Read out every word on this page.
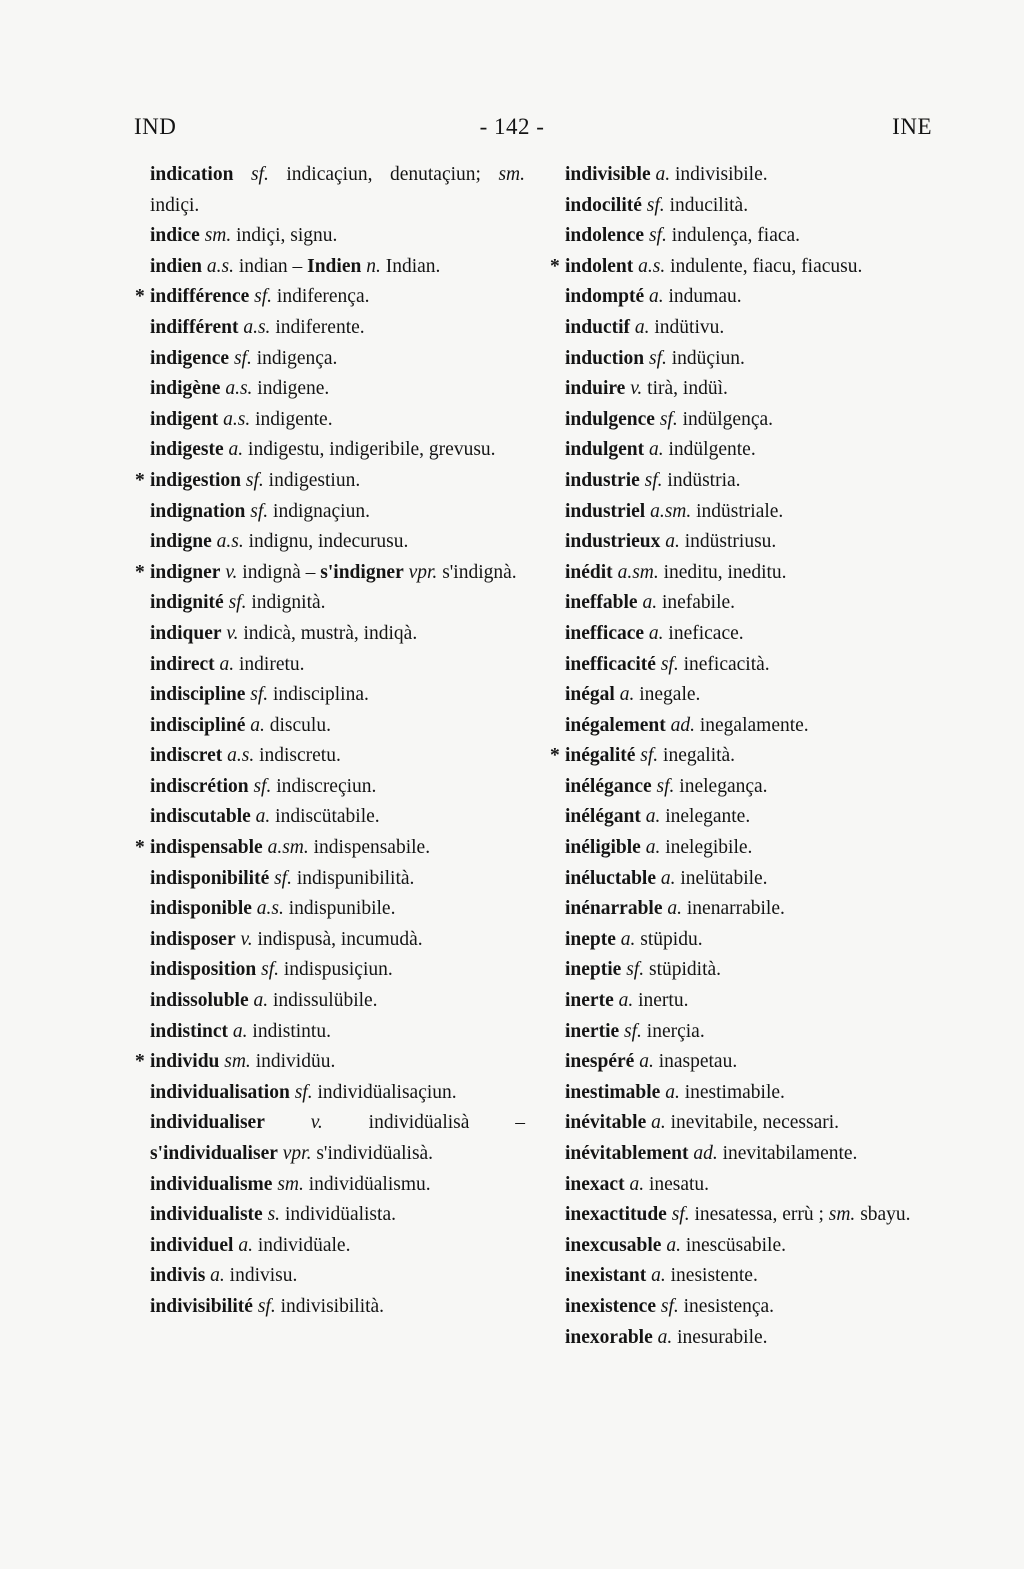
- 142 -
IND	INE
indication sf. indicaçiun, denutaçiun; sm. indiçi.
indice sm. indiçi, signu.
indien a.s. indian – Indien n. Indian.
* indifférence sf. indiferença.
indifférent a.s. indiferente.
indigence sf. indigença.
indigène a.s. indigene.
indigent a.s. indigente.
indigeste a. indigestu, indigeribile, grevusu.
* indigestion sf. indigestiun.
indignation sf. indignaçiun.
indigne a.s. indignu, indecurusu.
* indigner v. indignà – s'indigner vpr. s'indignà.
indignité sf. indignità.
indiquer v. indicà, mustrà, indiqà.
indirect a. indiretu.
indiscipline sf. indisciplina.
indiscipliné a. disculu.
indiscret a.s. indiscretu.
indiscrétion sf. indiscreçiun.
indiscutable a. indiscütabile.
* indispensable a.sm. indispensabile.
indisponibilité sf. indispunibilità.
indisponible a.s. indispunibile.
indisposer v. indispusà, incumudà.
indisposition sf. indispusiçiun.
indissoluble a. indissulübile.
indistinct a. indistintu.
* individu sm. individüu.
individualisation sf. individüalisaçiun.
individualiser v. individüalisà – s'individualiser vpr. s'individüalisà.
individualisme sm. individüalismu.
individualiste s. individüalista.
individuel a. individüale.
indivis a. indivisu.
indivisibilité sf. indivisibilità.
indivisible a. indivisibile.
indocilité sf. inducilità.
indolence sf. indulença, fiaca.
* indolent a.s. indulente, fiacu, fiacusu.
indompté a. indumau.
inductif a. indütivu.
induction sf. indüçiun.
induire v. tirà, indüì.
indulgence sf. indülgença.
indulgent a. indülgente.
industrie sf. indüstria.
industriel a.sm. indüstriale.
industrieux a. indüstriusu.
inédit a.sm. ineditu, ineditu.
ineffable a. inefabile.
inefficace a. ineficace.
inefficacité sf. ineficacità.
inégal a. inegale.
inégalement ad. inegalamente.
* inégalité sf. inegalità.
inélégance sf. inelegança.
inélégant a. inelegante.
inéligible a. inelegibile.
inéluctable a. inelütabile.
inénarrable a. inenarrabile.
inepte a. stüpidu.
ineptie sf. stüpidità.
inerte a. inertu.
inertie sf. inerçia.
inespéré a. inaspetau.
inestimable a. inestimabile.
inévitable a. inevitabile, necessari.
inévitablement ad. inevitabilamente.
inexact a. inesatu.
inexactitude sf. inesatessa, errù ; sm. sbayu.
inexcusable a. inescüsabile.
inexistant a. inesistente.
inexistence sf. inesistença.
inexorable a. inesurabile.
